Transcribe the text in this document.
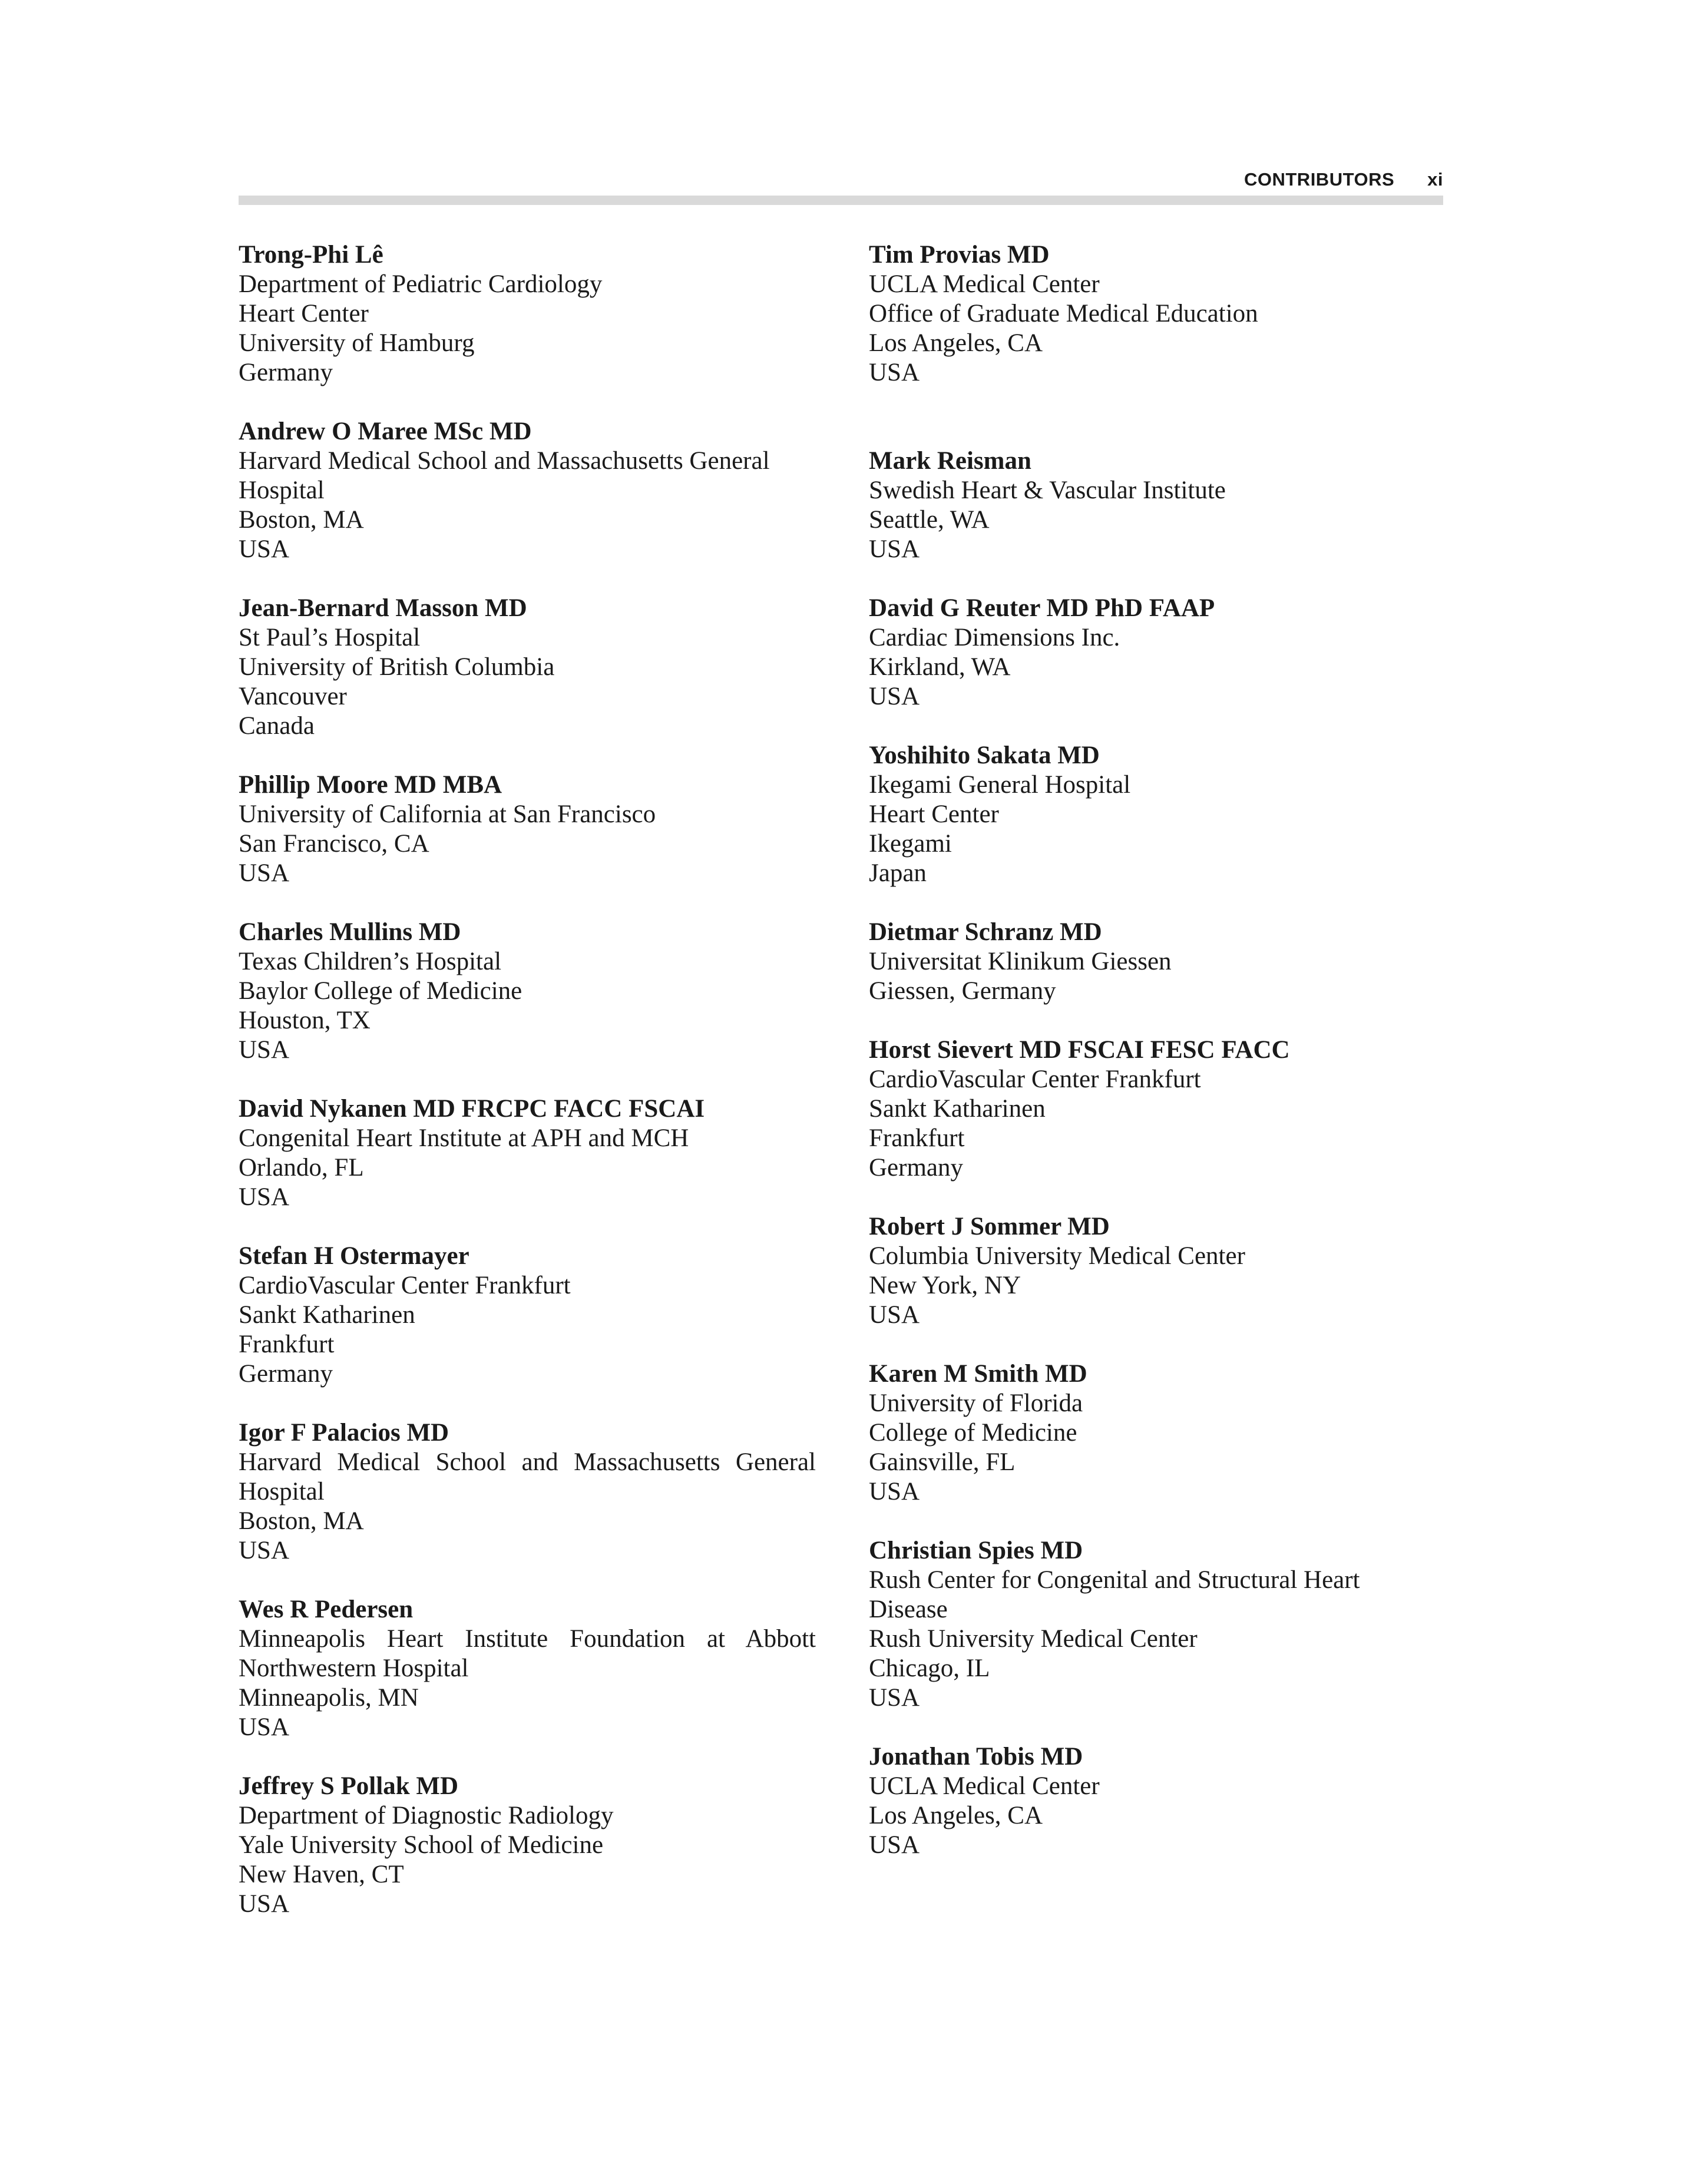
CONTRIBUTORS xi
Trong-Phi Lê
Department of Pediatric Cardiology
Heart Center
University of Hamburg
Germany
Andrew O Maree MSc MD
Harvard Medical School and Massachusetts General
Hospital
Boston, MA
USA
Jean-Bernard Masson MD
St Paul’s Hospital
University of British Columbia
Vancouver
Canada
Phillip Moore MD MBA
University of California at San Francisco
San Francisco, CA
USA
Charles Mullins MD
Texas Children’s Hospital
Baylor College of Medicine
Houston, TX
USA
David Nykanen MD FRCPC FACC FSCAI
Congenital Heart Institute at APH and MCH
Orlando, FL
USA
Stefan H Ostermayer
CardioVascular Center Frankfurt
Sankt Katharinen
Frankfurt
Germany
Igor F Palacios MD
Harvard Medical School and Massachusetts General
Hospital
Boston, MA
USA
Wes R Pedersen
Minneapolis Heart Institute Foundation at Abbott
Northwestern Hospital
Minneapolis, MN
USA
Jeffrey S Pollak MD
Department of Diagnostic Radiology
Yale University School of Medicine
New Haven, CT
USA
Tim Provias MD
UCLA Medical Center
Office of Graduate Medical Education
Los Angeles, CA
USA
Mark Reisman
Swedish Heart & Vascular Institute
Seattle, WA
USA
David G Reuter MD PhD FAAP
Cardiac Dimensions Inc.
Kirkland, WA
USA
Yoshihito Sakata MD
Ikegami General Hospital
Heart Center
Ikegami
Japan
Dietmar Schranz MD
Universitat Klinikum Giessen
Giessen, Germany
Horst Sievert MD FSCAI FESC FACC
CardioVascular Center Frankfurt
Sankt Katharinen
Frankfurt
Germany
Robert J Sommer MD
Columbia University Medical Center
New York, NY
USA
Karen M Smith MD
University of Florida
College of Medicine
Gainsville, FL
USA
Christian Spies MD
Rush Center for Congenital and Structural Heart
Disease
Rush University Medical Center
Chicago, IL
USA
Jonathan Tobis MD
UCLA Medical Center
Los Angeles, CA
USA
